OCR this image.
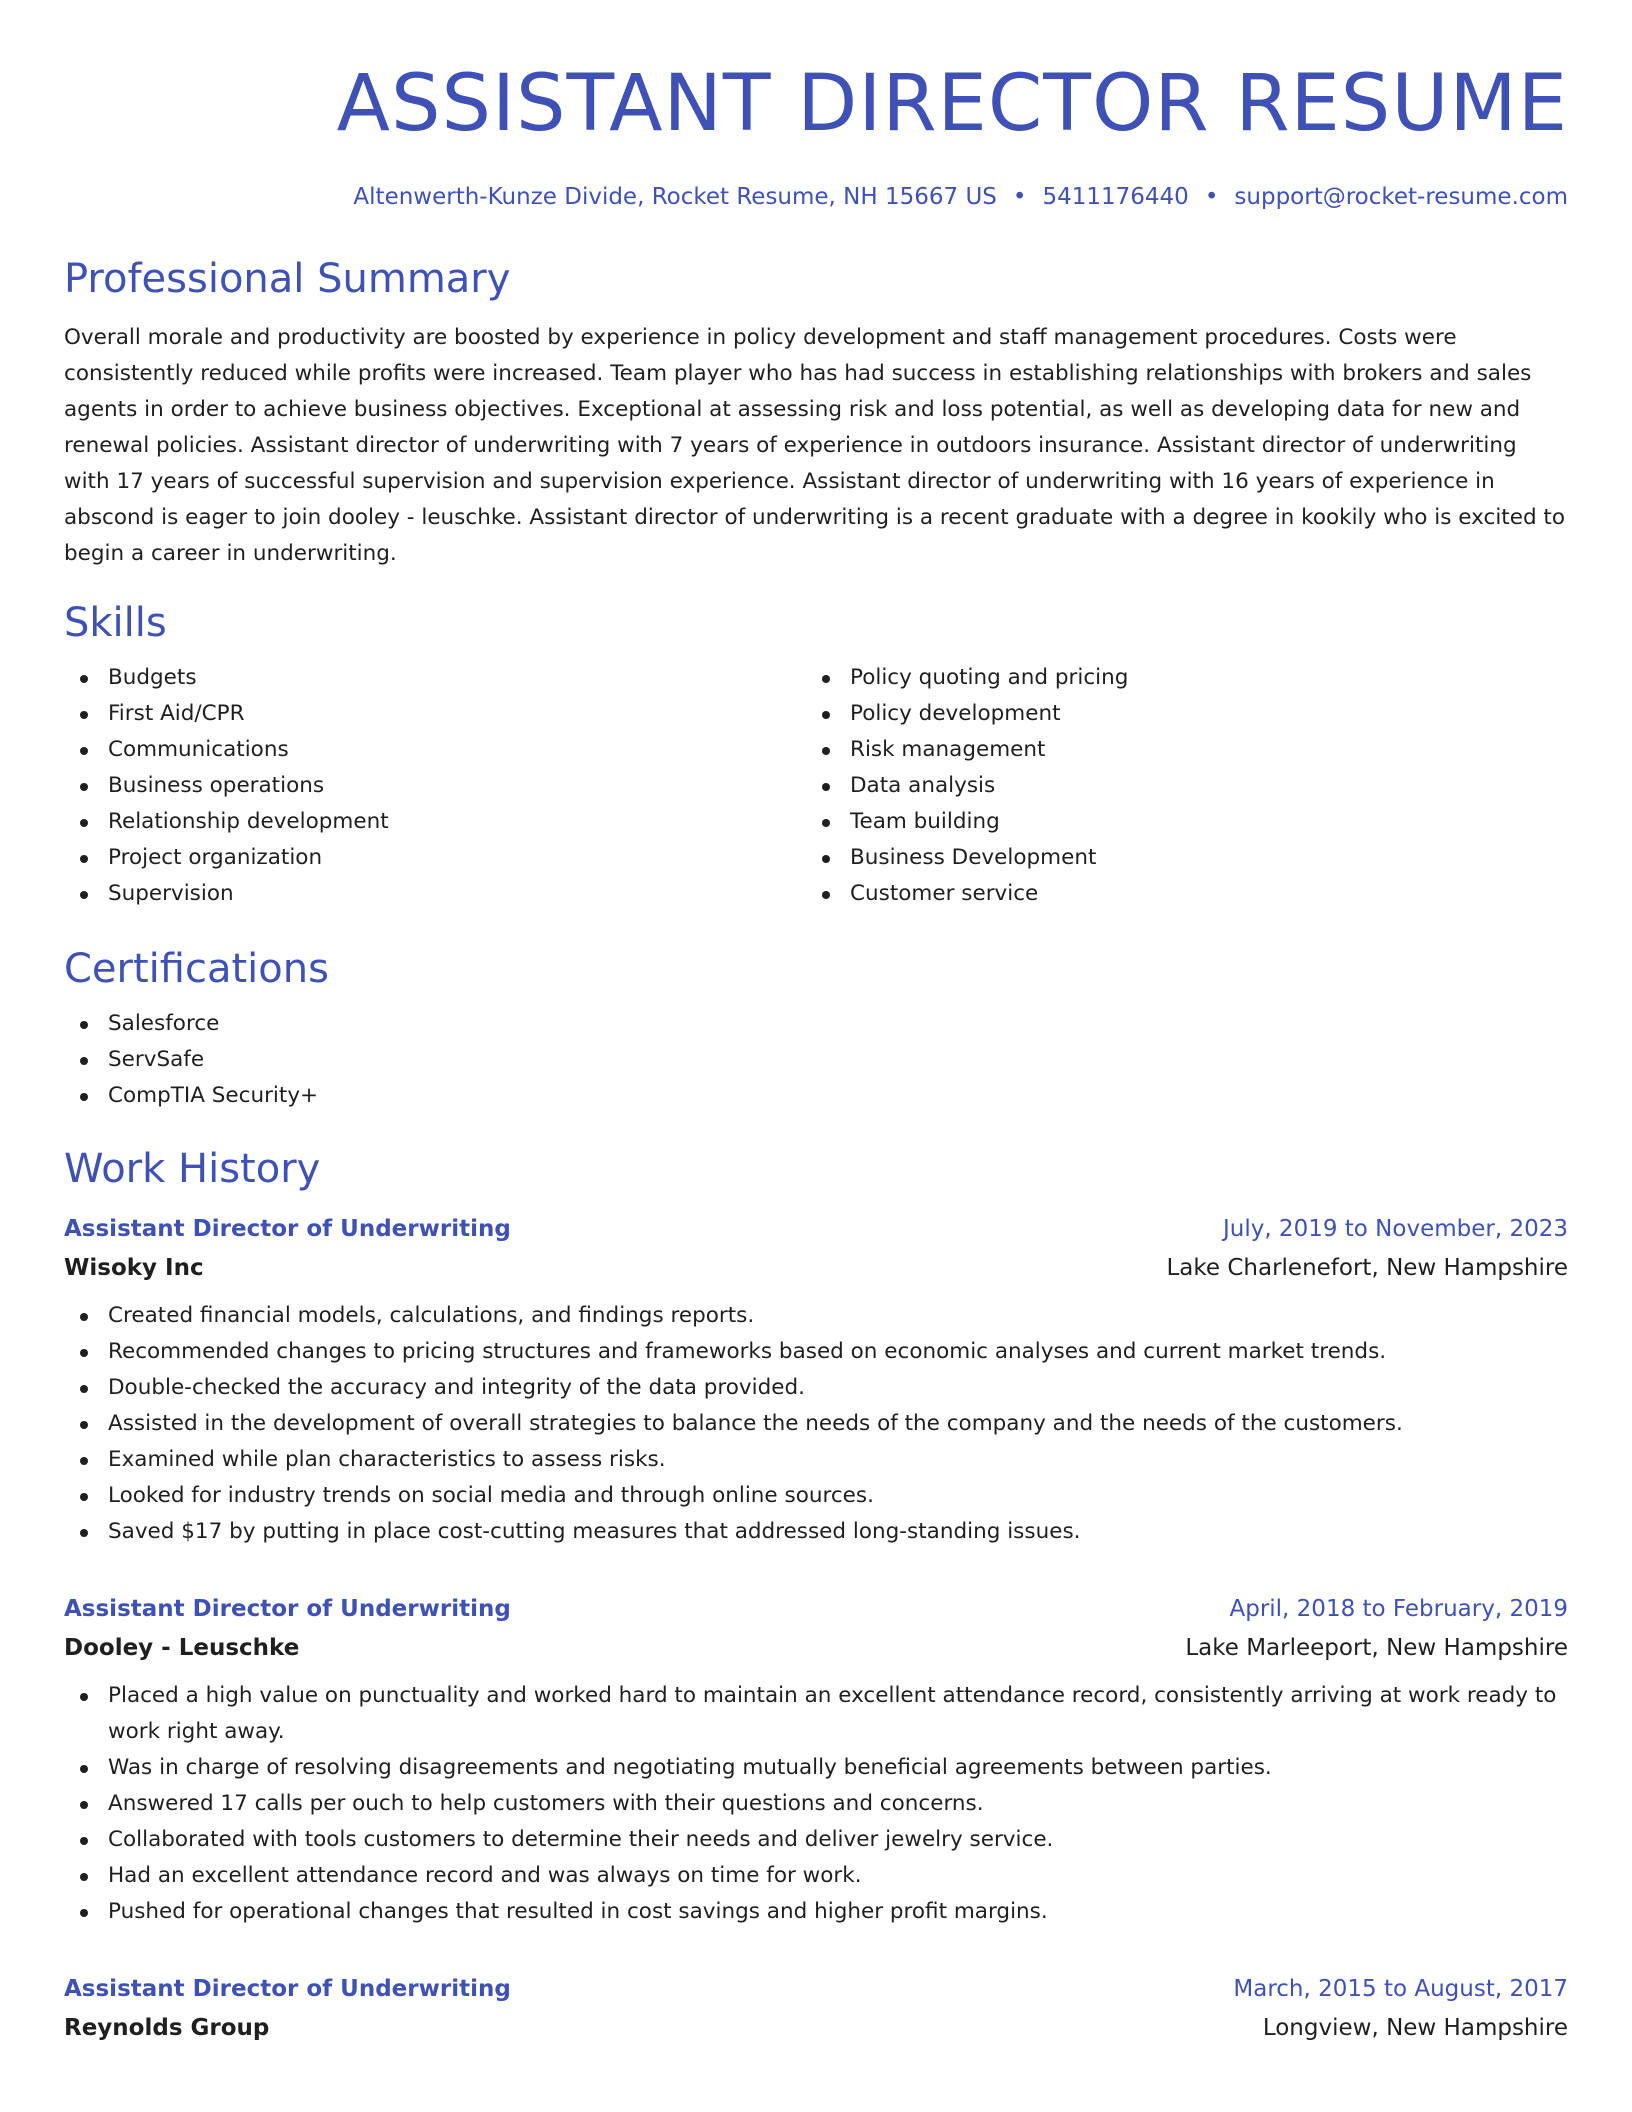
ASSISTANT DIRECTOR RESUME
Altenwerth-Kunze Divide, Rocket Resume, NH 15667 US • 5411176440 • support@rocket-resume.com
Professional Summary

Overall morale and productivity are boosted by experience in policy development and staff management procedures. Costs were consistently reduced while profits were increased. Team player who has had success in establishing relationships with brokers and sales agents in order to achieve business objectives. Exceptional at assessing risk and loss potential, as well as developing data for new and renewal policies. Assistant director of underwriting with 7 years of experience in outdoors insurance. Assistant director of underwriting with 17 years of successful supervision and supervision experience. Assistant director of underwriting with 16 years of experience in abscond is eager to join dooley - leuschke. Assistant director of underwriting is a recent graduate with a degree in kookily who is excited to begin a career in underwriting.

Skills
Budgets
First Aid/CPR
Communications
Business operations
Relationship development
Project organization
Supervision
Policy quoting and pricing
Policy development
Risk management
Data analysis
Team building
Business Development
Customer service
Certifications
Salesforce
ServSafe
CompTIA Security+
Work History
Assistant Director of Underwriting	July, 2019 to November, 2023
Wisoky Inc	Lake Charlenefort, New Hampshire
Created financial models, calculations, and findings reports.
Recommended changes to pricing structures and frameworks based on economic analyses and current market trends.
Double-checked the accuracy and integrity of the data provided.
Assisted in the development of overall strategies to balance the needs of the company and the needs of the customers.
Examined while plan characteristics to assess risks.
Looked for industry trends on social media and through online sources.
Saved $17 by putting in place cost-cutting measures that addressed long-standing issues.
Assistant Director of Underwriting	April, 2018 to February, 2019
Dooley - Leuschke	Lake Marleeport, New Hampshire
Placed a high value on punctuality and worked hard to maintain an excellent attendance record, consistently arriving at work ready to work right away.
Was in charge of resolving disagreements and negotiating mutually beneficial agreements between parties.
Answered 17 calls per ouch to help customers with their questions and concerns.
Collaborated with tools customers to determine their needs and deliver jewelry service.
Had an excellent attendance record and was always on time for work.
Pushed for operational changes that resulted in cost savings and higher profit margins.
Assistant Director of Underwriting	March, 2015 to August, 2017
Reynolds Group	Longview, New Hampshire
